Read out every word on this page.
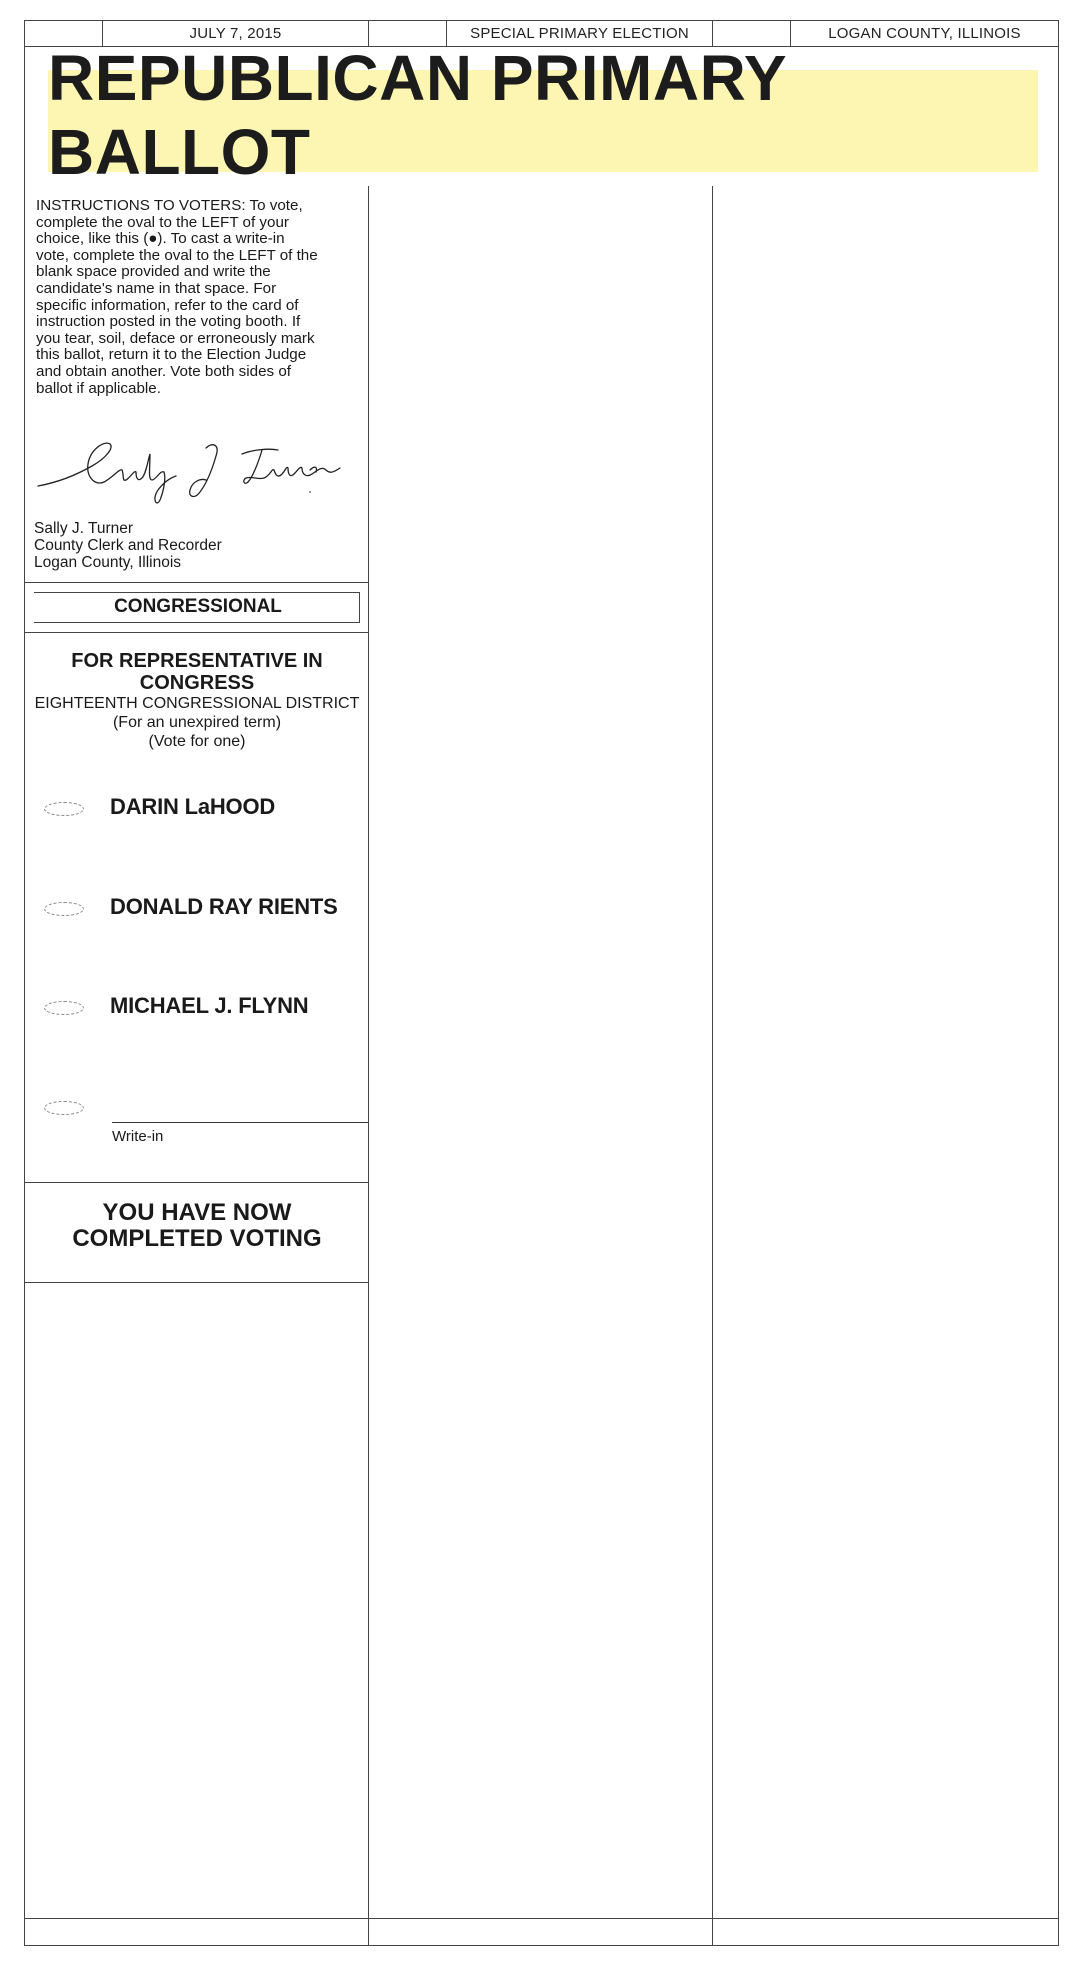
JULY 7, 2015	SPECIAL PRIMARY ELECTION	LOGAN COUNTY, ILLINOIS
REPUBLICAN PRIMARY BALLOT
INSTRUCTIONS TO VOTERS: To vote,
complete the oval to the LEFT of your
choice, like this (●). To cast a write-in
vote, complete the oval to the LEFT of the
blank space provided and write the
candidate's name in that space. For
specific information, refer to the card of
instruction posted in the voting booth. If
you tear, soil, deface or erroneously mark
this ballot, return it to the Election Judge
and obtain another. Vote both sides of
ballot if applicable.
Sally J. Turner
County Clerk and Recorder
Logan County, Illinois
CONGRESSIONAL
FOR REPRESENTATIVE IN
CONGRESS
EIGHTEENTH CONGRESSIONAL DISTRICT
(For an unexpired term)
(Vote for one)
DARIN LaHOOD
DONALD RAY RIENTS
MICHAEL J. FLYNN
Write-in
YOU HAVE NOW
COMPLETED VOTING
